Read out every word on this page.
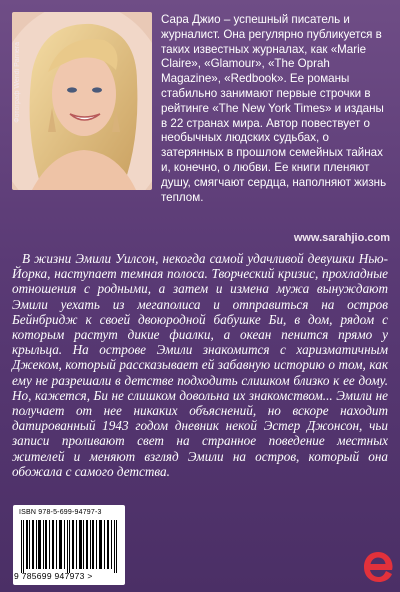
Фотограф Wendi Parriera

Сара Джио – успешный писатель и журналист. Она регулярно публикуется в таких известных журналах, как «Marie Claire», «Glamour», «The Oprah Magazine», «Redbook». Ее романы стабильно занимают первые строчки в рейтинге «The New York Times» и изданы в 22 странах мира. Автор повествует о необычных людских судьбах, о затерянных в прошлом семейных тайнах и, конечно, о любви. Ее книги пленяют душу, смягчают сердца, наполняют жизнь теплом.

www.sarahjio.com

В жизни Эмили Уилсон, некогда самой удачливой девушки Нью-Йорка, наступает темная полоса. Творческий кризис, прохладные отношения с родными, а затем и измена мужа вынуждают Эмили уехать из мегаполиса и отправиться на остров Бейнбридж к своей двоюродной бабушке Би, в дом, рядом с которым растут дикие фиалки, а океан пенится прямо у крыльца. На острове Эмили знакомится с харизматичным Джеком, который рассказывает ей забавную историю о том, как ему не разрешали в детстве подходить слишком близко к ее дому. Но, кажется, Би не слишком довольна их знакомством... Эмили не получает от нее никаких объяснений, но вскоре находит датированный 1943 годом дневник некой Эстер Джонсон, чьи записи проливают свет на странное поведение местных жителей и меняют взгляд Эмили на остров, который она обожала с самого детства.

ISBN 978-5-699-94797-3

9 785699 947973 >
